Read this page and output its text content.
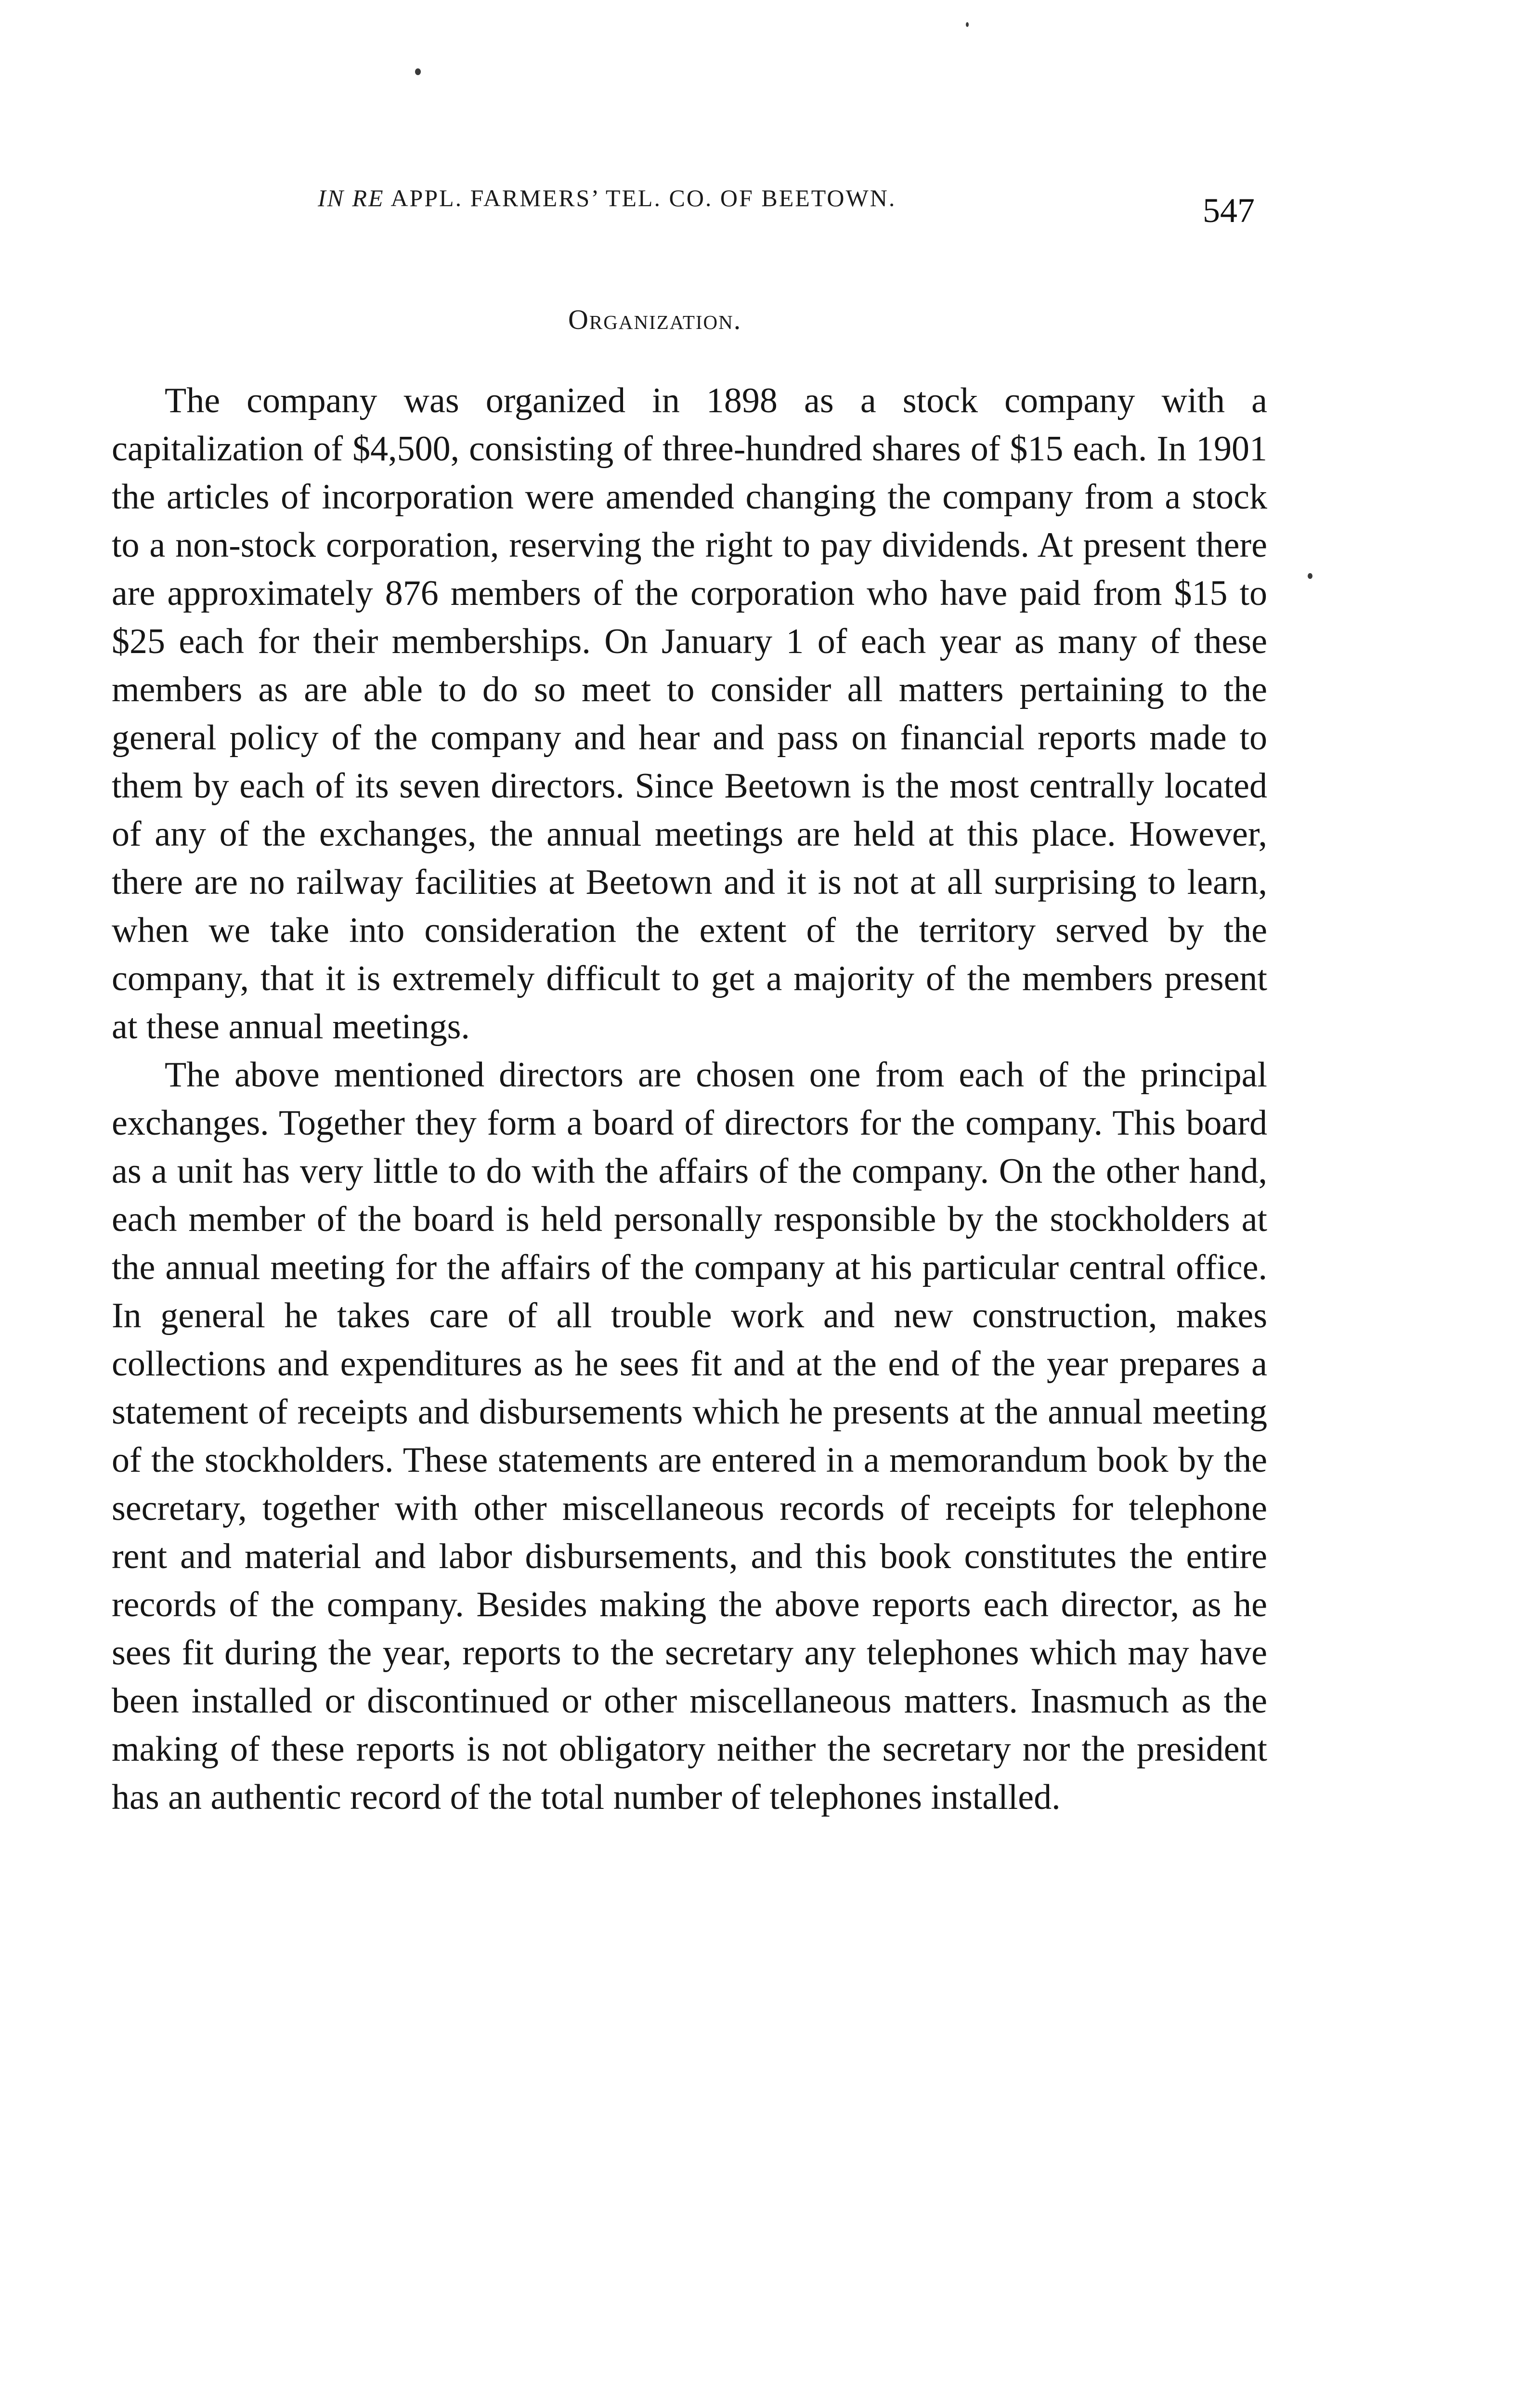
IN RE APPL. FARMERS’ TEL. CO. OF BEETOWN.	547
Organization.

The company was organized in 1898 as a stock company with a capitalization of $4,500, consisting of three-hundred shares of $15 each. In 1901 the articles of incorporation were amended changing the company from a stock to a non-stock corporation, reserving the right to pay dividends. At present there are approximately 876 members of the corporation who have paid from $15 to $25 each for their memberships. On January 1 of each year as many of these members as are able to do so meet to consider all matters pertaining to the general policy of the company and hear and pass on financial reports made to them by each of its seven directors. Since Beetown is the most centrally located of any of the exchanges, the annual meetings are held at this place. However, there are no railway facilities at Beetown and it is not at all surprising to learn, when we take into consideration the extent of the territory served by the company, that it is extremely difficult to get a majority of the members present at these annual meetings.

The above mentioned directors are chosen one from each of the principal exchanges. Together they form a board of directors for the company. This board as a unit has very little to do with the affairs of the company. On the other hand, each member of the board is held personally responsible by the stockholders at the annual meeting for the affairs of the company at his particular central office. In general he takes care of all trouble work and new construction, makes collections and expenditures as he sees fit and at the end of the year prepares a statement of receipts and disbursements which he presents at the annual meeting of the stockholders. These statements are entered in a memorandum book by the secretary, together with other miscellaneous records of receipts for telephone rent and material and labor disbursements, and this book constitutes the entire records of the company. Besides making the above reports each director, as he sees fit during the year, reports to the secretary any telephones which may have been installed or discontinued or other miscellaneous matters. Inasmuch as the making of these reports is not obligatory neither the secretary nor the president has an authentic record of the total number of telephones installed.
